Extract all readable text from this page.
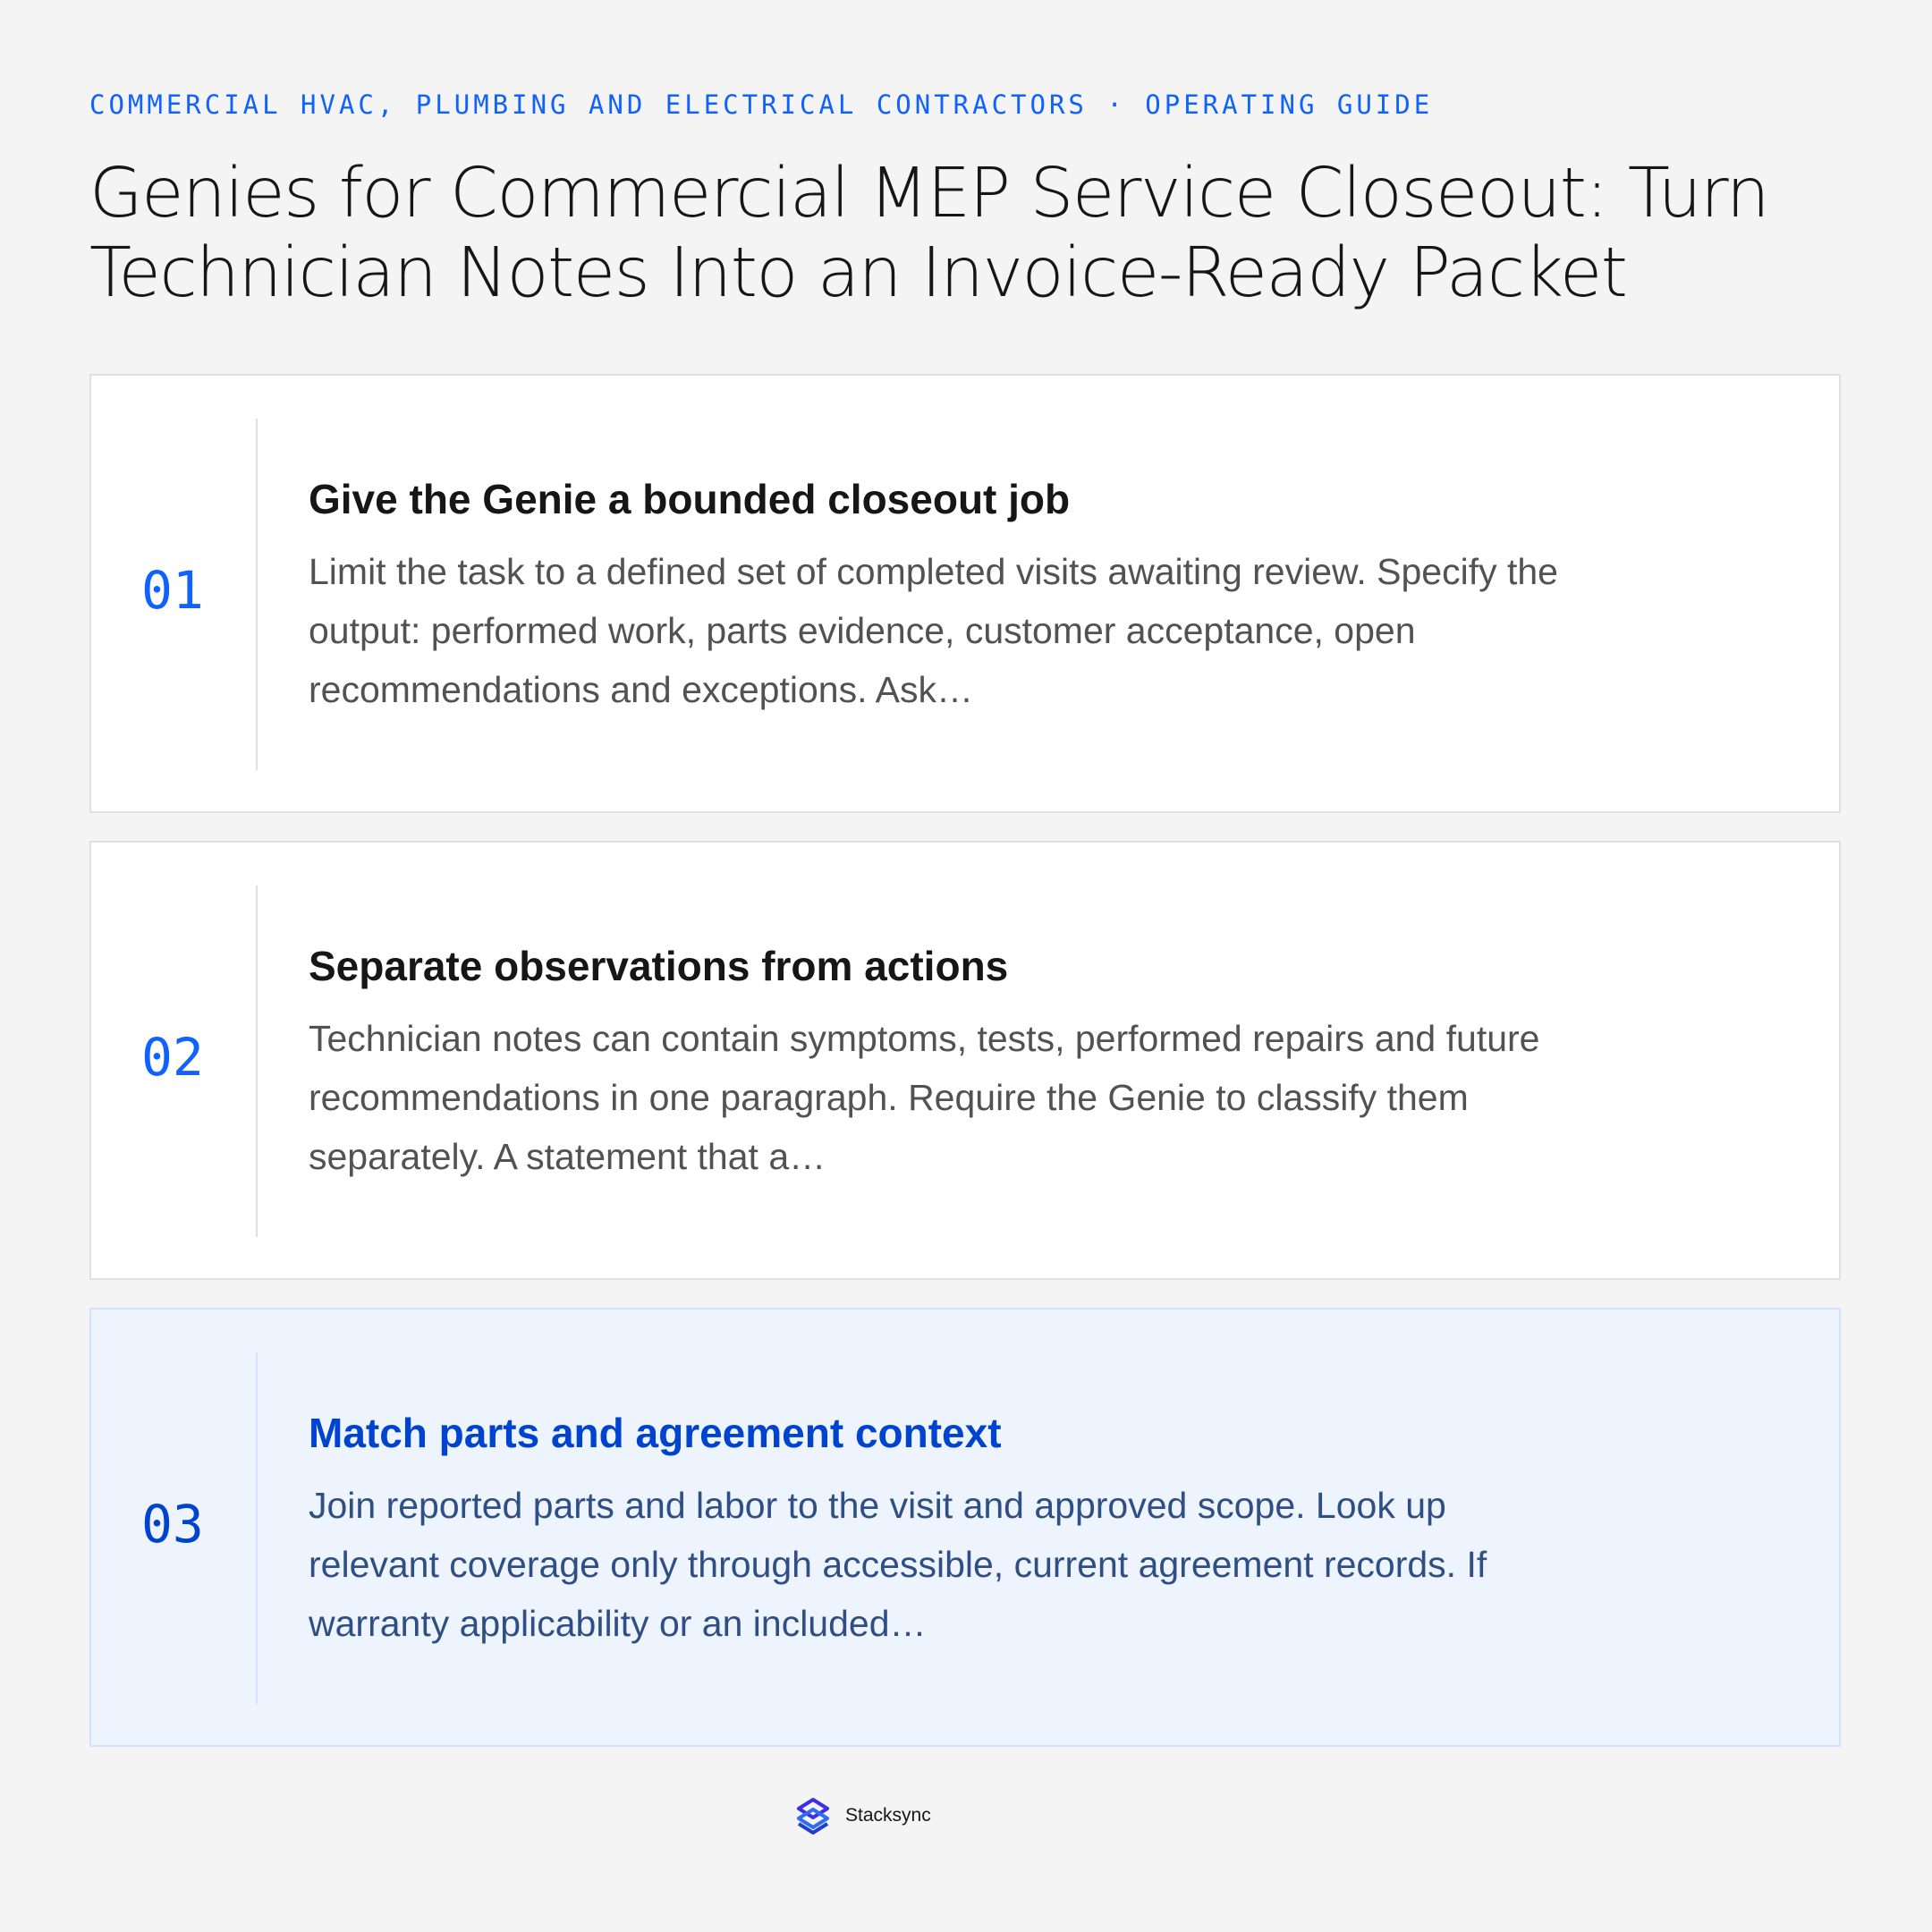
COMMERCIAL HVAC, PLUMBING AND ELECTRICAL CONTRACTORS · OPERATING GUIDE
Genies for Commercial MEP Service Closeout: Turn Technician Notes Into an Invoice-Ready Packet
01
Give the Genie a bounded closeout job
Limit the task to a defined set of completed visits awaiting review. Specify the output: performed work, parts evidence, customer acceptance, open recommendations and exceptions. Ask…
02
Separate observations from actions
Technician notes can contain symptoms, tests, performed repairs and future recommendations in one paragraph. Require the Genie to classify them separately. A statement that a…
03
Match parts and agreement context
Join reported parts and labor to the visit and approved scope. Look up relevant coverage only through accessible, current agreement records. If warranty applicability or an included…
Stacksync
